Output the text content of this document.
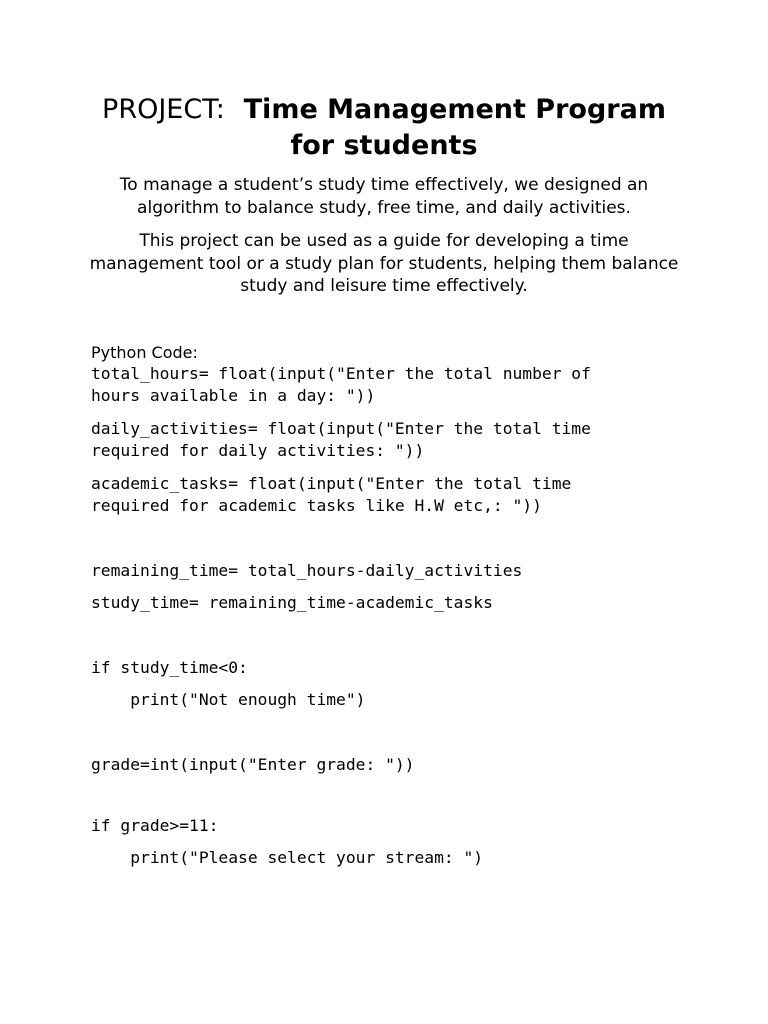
PROJECT: Time Management Program
for students

To manage a student’s study time effectively, we designed an algorithm to balance study, free time, and daily activities.

This project can be used as a guide for developing a time management tool or a study plan for students, helping them balance study and leisure time effectively.

Python Code:

total_hours= float(input("Enter the total number of
hours available in a day: "))
daily_activities= float(input("Enter the total time
required for daily activities: "))
academic_tasks= float(input("Enter the total time
required for academic tasks like H.W etc,: "))
remaining_time= total_hours-daily_activities
study_time= remaining_time-academic_tasks
if study_time<0:
print("Not enough time")
grade=int(input("Enter grade: "))
if grade>=11:
print("Please select your stream: ")
